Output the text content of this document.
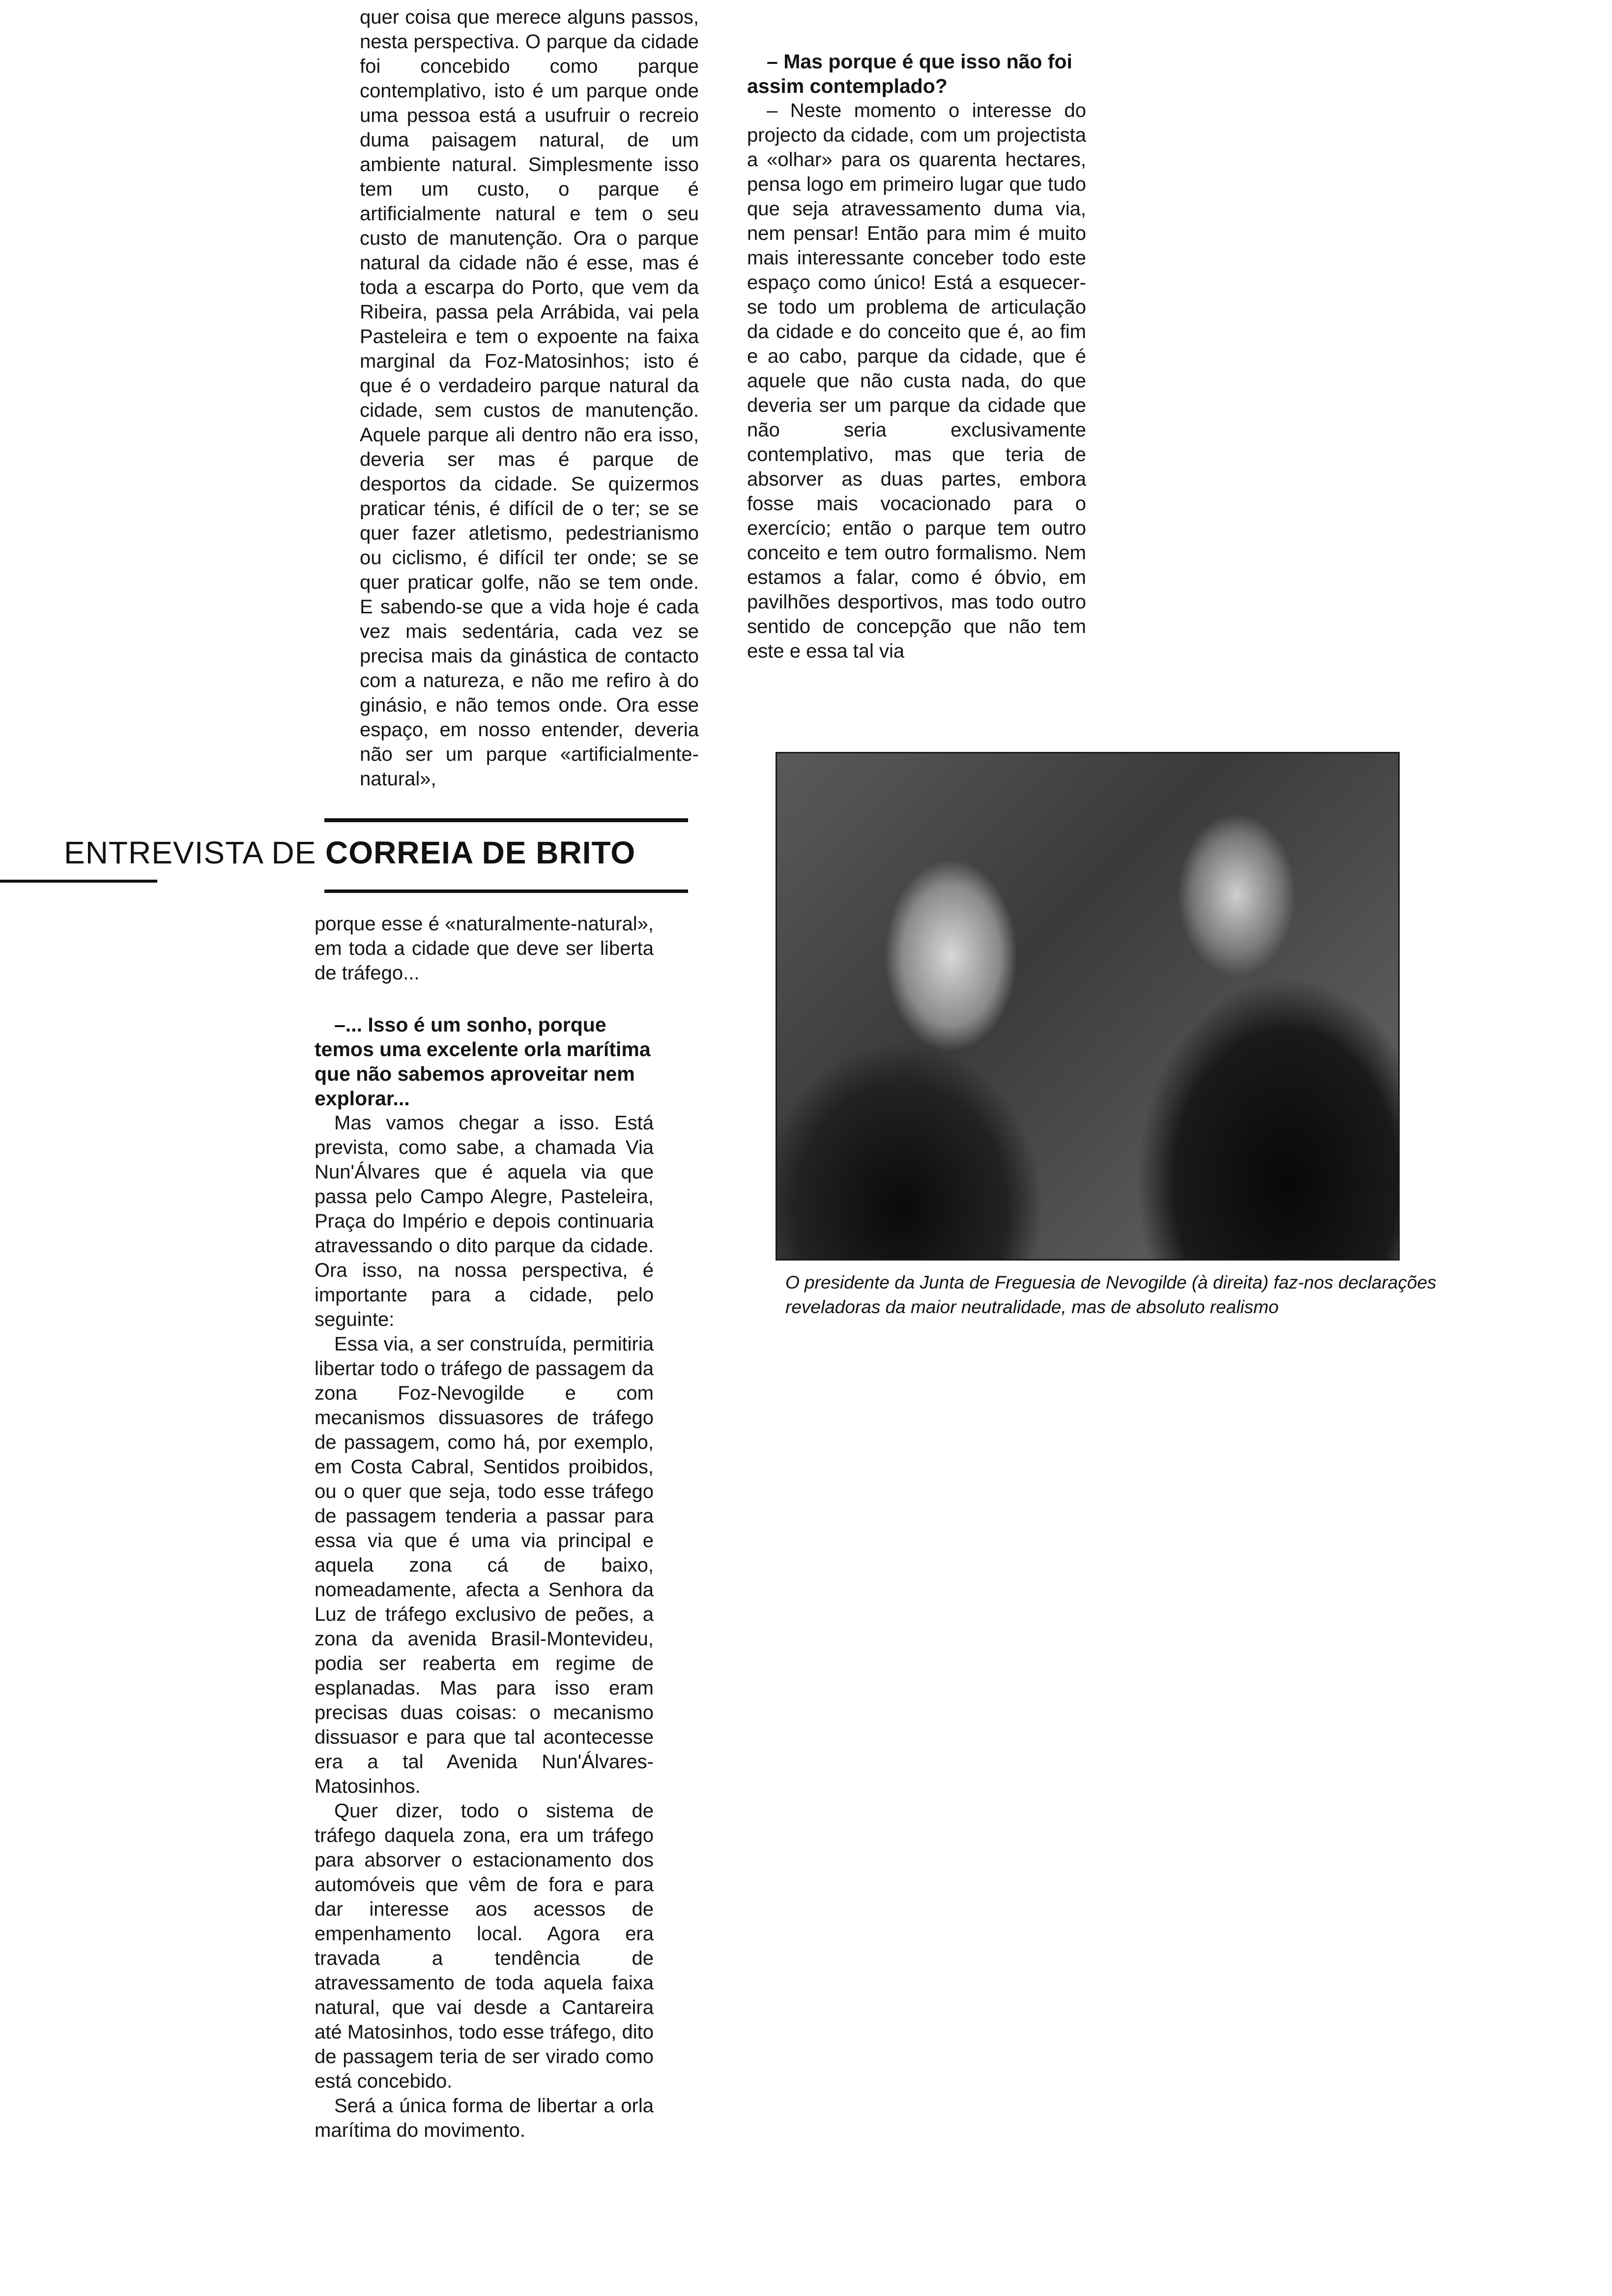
quer coisa que merece alguns passos, nesta perspectiva. O parque da cidade foi concebido como parque contemplativo, isto é um parque onde uma pessoa está a usufruir o recreio duma paisagem natural, de um ambiente natural. Simplesmente isso tem um custo, o parque é artificialmente natural e tem o seu custo de manutenção. Ora o parque natural da cidade não é esse, mas é toda a escarpa do Porto, que vem da Ribeira, passa pela Arrábida, vai pela Pasteleira e tem o expoente na faixa marginal da Foz-Matosinhos; isto é que é o verdadeiro parque natural da cidade, sem custos de manutenção. Aquele parque ali dentro não era isso, deveria ser mas é parque de desportos da cidade. Se quizermos praticar ténis, é difícil de o ter; se se quer fazer atletismo, pedestrianismo ou ciclismo, é difícil ter onde; se se quer praticar golfe, não se tem onde. E sabendo-se que a vida hoje é cada vez mais sedentária, cada vez se precisa mais da ginástica de contacto com a natureza, e não me refiro à do ginásio, e não temos onde. Ora esse espaço, em nosso entender, deveria não ser um parque «artificialmente-natural»,

– Mas porque é que isso não foi assim contemplado?

– Neste momento o interesse do projecto da cidade, com um projectista a «olhar» para os quarenta hectares, pensa logo em primeiro lugar que tudo que seja atravessamento duma via, nem pensar! Então para mim é muito mais interessante conceber todo este espaço como único! Está a esquecer-se todo um problema de articulação da cidade e do conceito que é, ao fim e ao cabo, parque da cidade, que é aquele que não custa nada, do que deveria ser um parque da cidade que não seria exclusivamente contemplativo, mas que teria de absorver as duas partes, embora fosse mais vocacionado para o exercício; então o parque tem outro conceito e tem outro formalismo. Nem estamos a falar, como é óbvio, em pavilhões desportivos, mas todo outro sentido de concepção que não tem este e essa tal via

ENTREVISTA DE CORREIA DE BRITO

porque esse é «naturalmente-natural», em toda a cidade que deve ser liberta de tráfego...

–... Isso é um sonho, porque temos uma excelente orla marítima que não sabemos aproveitar nem explorar...

Mas vamos chegar a isso. Está prevista, como sabe, a chamada Via Nun'Álvares que é aquela via que passa pelo Campo Alegre, Pasteleira, Praça do Império e depois continuaria atravessando o dito parque da cidade. Ora isso, na nossa perspectiva, é importante para a cidade, pelo seguinte:

Essa via, a ser construída, permitiria libertar todo o tráfego de passagem da zona Foz-Nevogilde e com mecanismos dissuasores de tráfego de passagem, como há, por exemplo, em Costa Cabral, Sentidos proibidos, ou o quer que seja, todo esse tráfego de passagem tenderia a passar para essa via que é uma via principal e aquela zona cá de baixo, nomeadamente, afecta a Senhora da Luz de tráfego exclusivo de peões, a zona da avenida Brasil-Montevideu, podia ser reaberta em regime de esplanadas. Mas para isso eram precisas duas coisas: o mecanismo dissuasor e para que tal acontecesse era a tal Avenida Nun'Álvares-Matosinhos.

Quer dizer, todo o sistema de tráfego daquela zona, era um tráfego para absorver o estacionamento dos automóveis que vêm de fora e para dar interesse aos acessos de empenhamento local. Agora era travada a tendência de atravessamento de toda aquela faixa natural, que vai desde a Cantareira até Matosinhos, todo esse tráfego, dito de passagem teria de ser virado como está concebido.

Será a única forma de libertar a orla marítima do movimento.

O presidente da Junta de Freguesia de Nevogilde (à direita) faz-nos declarações reveladoras da maior neutralidade, mas de absoluto realismo
